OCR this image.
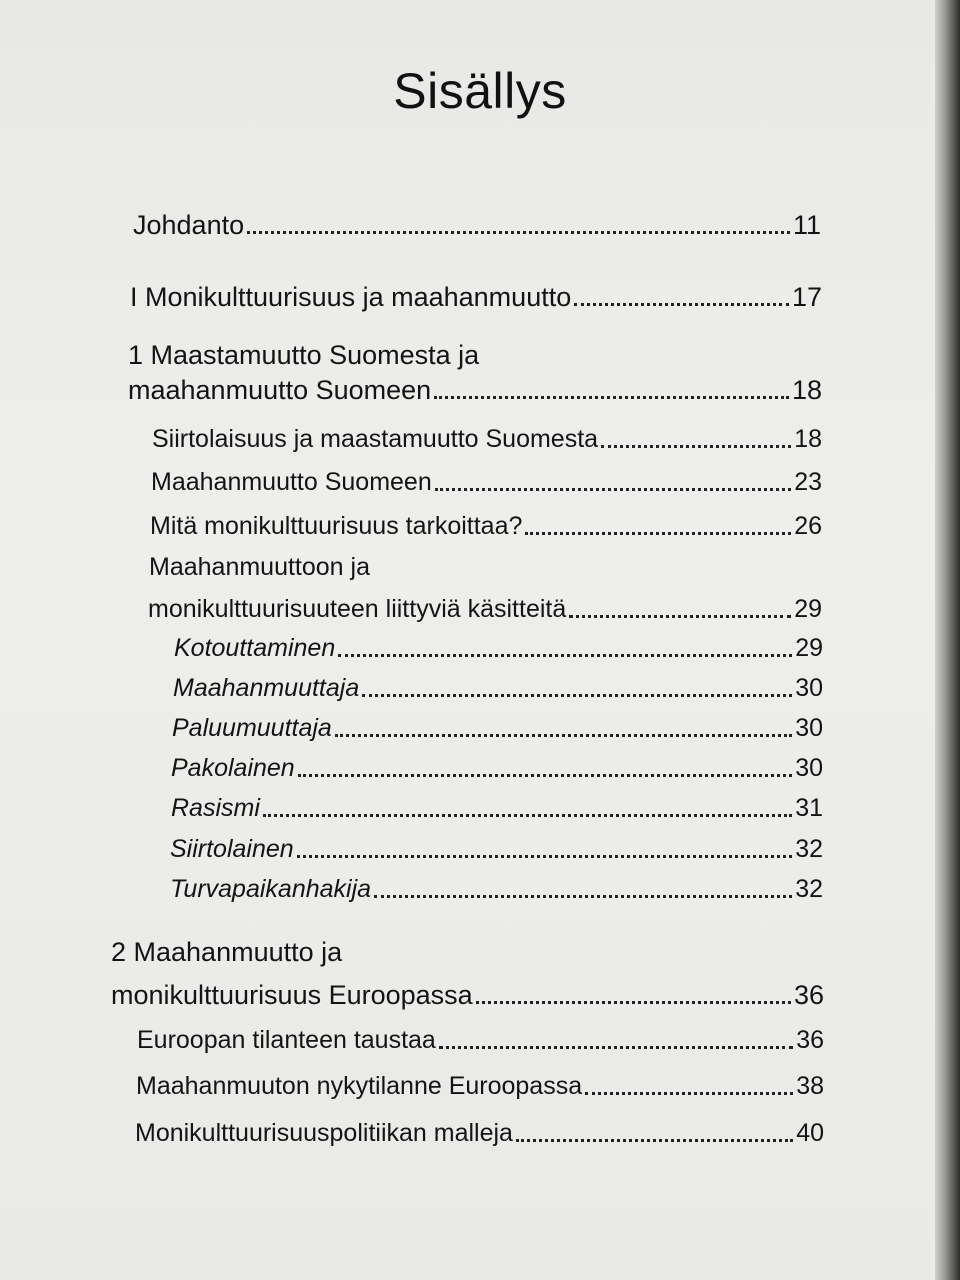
Sisällys
Johdanto	11
I Monikulttuurisuus ja maahanmuutto	17
1 Maastamuutto Suomesta ja
maahanmuutto Suomeen	18
Siirtolaisuus ja maastamuutto Suomesta	18
Maahanmuutto Suomeen	23
Mitä monikulttuurisuus tarkoittaa?	26
Maahanmuuttoon ja
monikulttuurisuuteen liittyviä käsitteitä	29
Kotouttaminen	29
Maahanmuuttaja	30
Paluumuuttaja	30
Pakolainen	30
Rasismi	31
Siirtolainen	32
Turvapaikanhakija	32
2 Maahanmuutto ja
monikulttuurisuus Euroopassa	36
Euroopan tilanteen taustaa	36
Maahanmuuton nykytilanne Euroopassa	38
Monikulttuurisuuspolitiikan malleja	40
